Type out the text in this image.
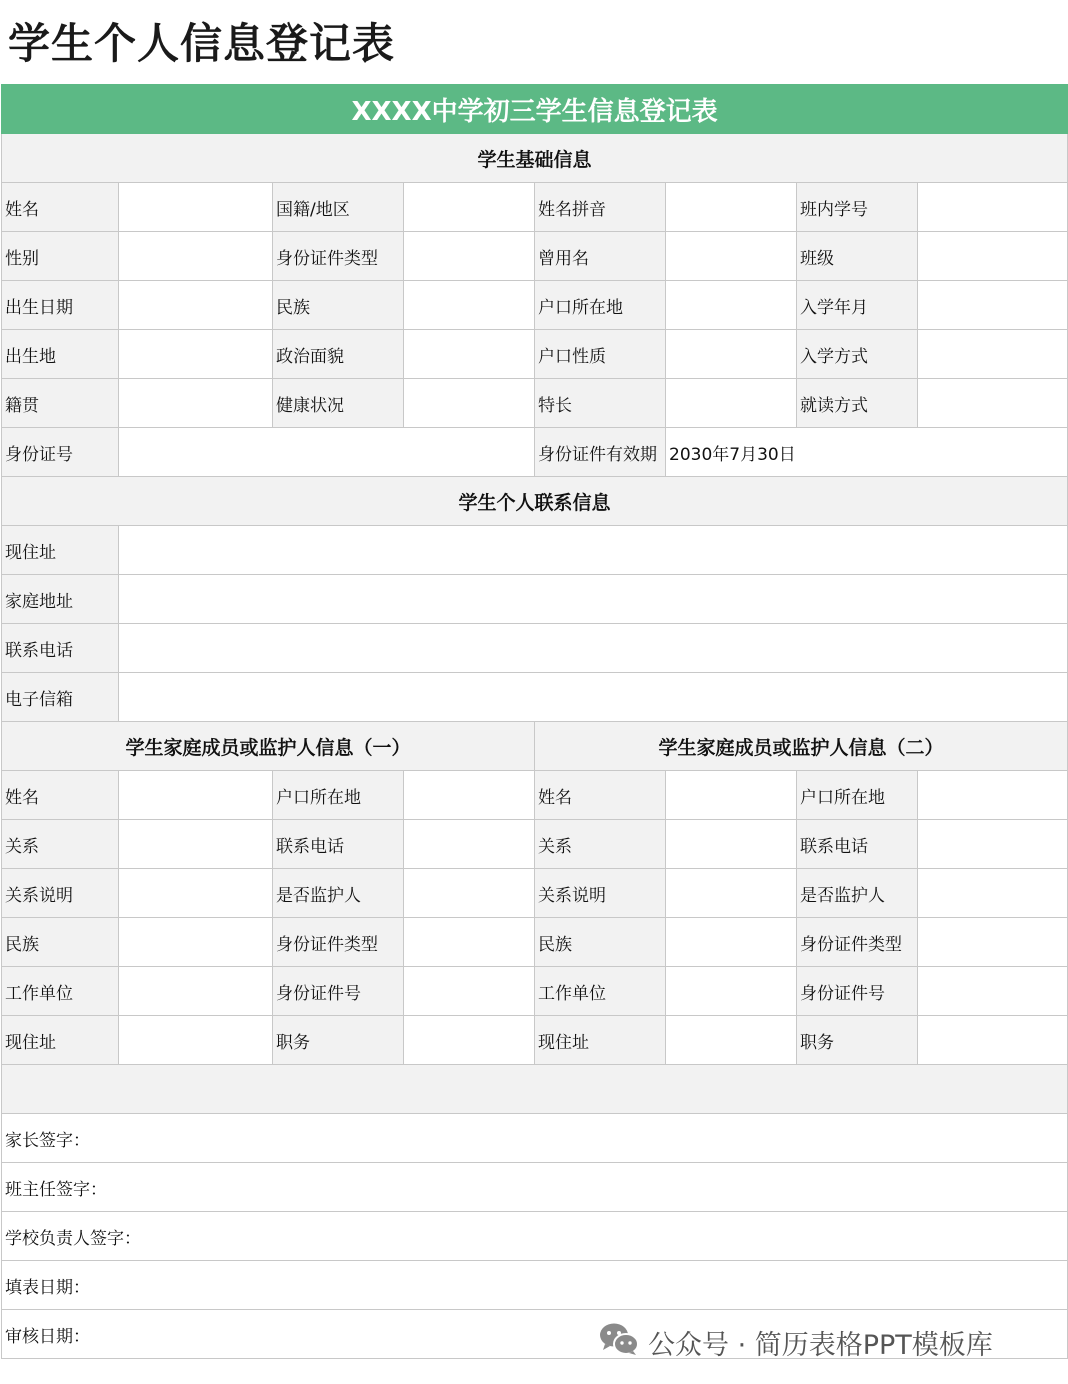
学生个人信息登记表
XXXX中学初三学生信息登记表							
学生基础信息							
姓名		国籍/地区		姓名拼音		班内学号	
性别		身份证件类型		曾用名		班级	
出生日期		民族		户口所在地		入学年月	
出生地		政治面貌		户口性质		入学方式	
籍贯		健康状况		特长		就读方式	
身份证号				身份证件有效期	2030年7月30日		
学生个人联系信息							
现住址							
家庭地址							
联系电话							
电子信箱							
学生家庭成员或监护人信息（一）				学生家庭成员或监护人信息（二）			
姓名		户口所在地		姓名		户口所在地	
关系		联系电话		关系		联系电话	
关系说明		是否监护人		关系说明		是否监护人	
民族		身份证件类型		民族		身份证件类型	
工作单位		身份证件号		工作单位		身份证件号	
现住址		职务		现住址		职务	

家长签字：							
班主任签字：							
学校负责人签字：							
填表日期：							
审核日期：								公众号 · 简历表格PPT模板库
